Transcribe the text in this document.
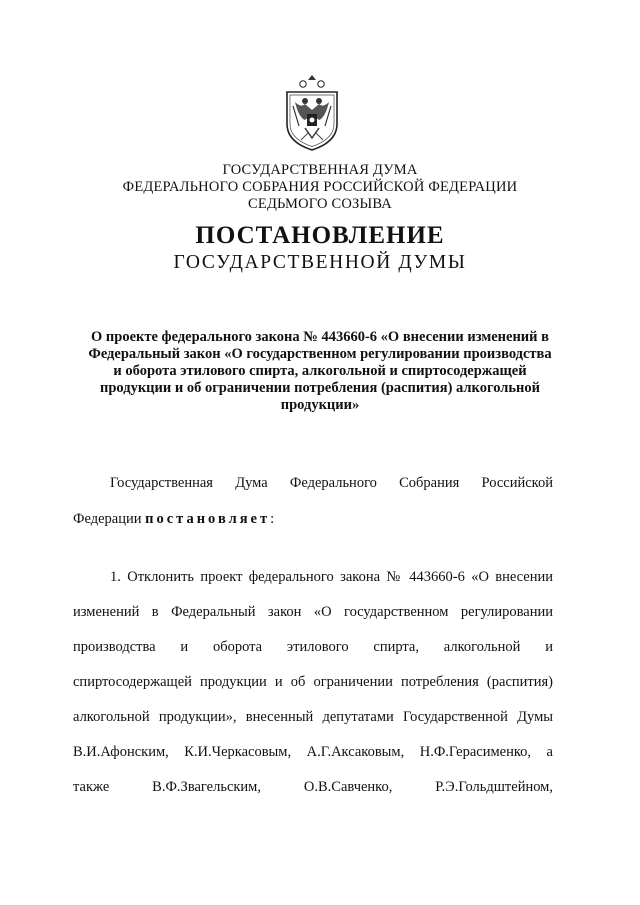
ГОСУДАРСТВЕННАЯ ДУМА
ФЕДЕРАЛЬНОГО СОБРАНИЯ РОССИЙСКОЙ ФЕДЕРАЦИИ
СЕДЬМОГО СОЗЫВА
ПОСТАНОВЛЕНИЕ
ГОСУДАРСТВЕННОЙ ДУМЫ
О проекте федерального закона № 443660-6 «О внесении изменений в
Федеральный закон «О государственном регулировании производства
и оборота этилового спирта, алкогольной и спиртосодержащей
продукции и об ограничении потребления (распития) алкогольной
продукции»
Государственная Дума Федерального Собрания Российской
Федерации постановляет:
1. Отклонить проект федерального закона № 443660-6 «О внесении
изменений в Федеральный закон «О государственном регулировании
производства и оборота этилового спирта, алкогольной и
спиртосодержащей продукции и об ограничении потребления (распития)
алкогольной продукции», внесенный депутатами Государственной Думы
В.И.Афонским, К.И.Черкасовым, А.Г.Аксаковым, Н.Ф.Герасименко, а
также В.Ф.Звагельским, О.В.Савченко, Р.Э.Гольдштейном,
